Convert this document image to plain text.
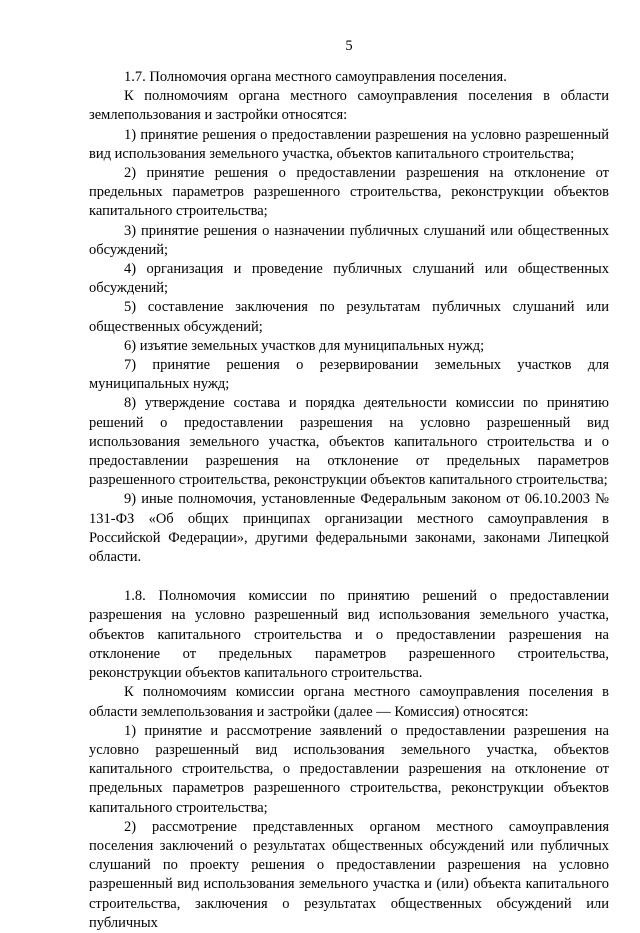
5

1.7. Полномочия органа местного самоуправления поселения.

К полномочиям органа местного самоуправления поселения в области землепользования и застройки относятся:

1) принятие решения о предоставлении разрешения на условно разрешенный вид использования земельного участка, объектов капитального строительства;

2) принятие решения о предоставлении разрешения на отклонение от предельных параметров разрешенного строительства, реконструкции объектов капитального строительства;

3) принятие решения о назначении публичных слушаний или общественных обсуждений;

4) организация и проведение публичных слушаний или общественных обсуждений;

5) составление заключения по результатам публичных слушаний или общественных обсуждений;

6) изъятие земельных участков для муниципальных нужд;

7) принятие решения о резервировании земельных участков для муниципальных нужд;

8) утверждение состава и порядка деятельности комиссии по принятию решений о предоставлении разрешения на условно разрешенный вид использования земельного участка, объектов капитального строительства и о предоставлении разрешения на отклонение от предельных параметров разрешенного строительства, реконструкции объектов капитального строительства;

9) иные полномочия, установленные Федеральным законом от 06.10.2003 № 131-ФЗ «Об общих принципах организации местного самоуправления в Российской Федерации», другими федеральными законами, законами Липецкой области.

1.8. Полномочия комиссии по принятию решений о предоставлении разрешения на условно разрешенный вид использования земельного участка, объектов капитального строительства и о предоставлении разрешения на отклонение от предельных параметров разрешенного строительства, реконструкции объектов капитального строительства.

К полномочиям комиссии органа местного самоуправления поселения в области землепользования и застройки (далее — Комиссия) относятся:

1) принятие и рассмотрение заявлений о предоставлении разрешения на условно разрешенный вид использования земельного участка, объектов капитального строительства, о предоставлении разрешения на отклонение от предельных параметров разрешенного строительства, реконструкции объектов капитального строительства;

2) рассмотрение представленных органом местного самоуправления поселения заключений о результатах общественных обсуждений или публичных слушаний по проекту решения о предоставлении разрешения на условно разрешенный вид использования земельного участка и (или) объекта капитального строительства, заключения о результатах общественных обсуждений или публичных
